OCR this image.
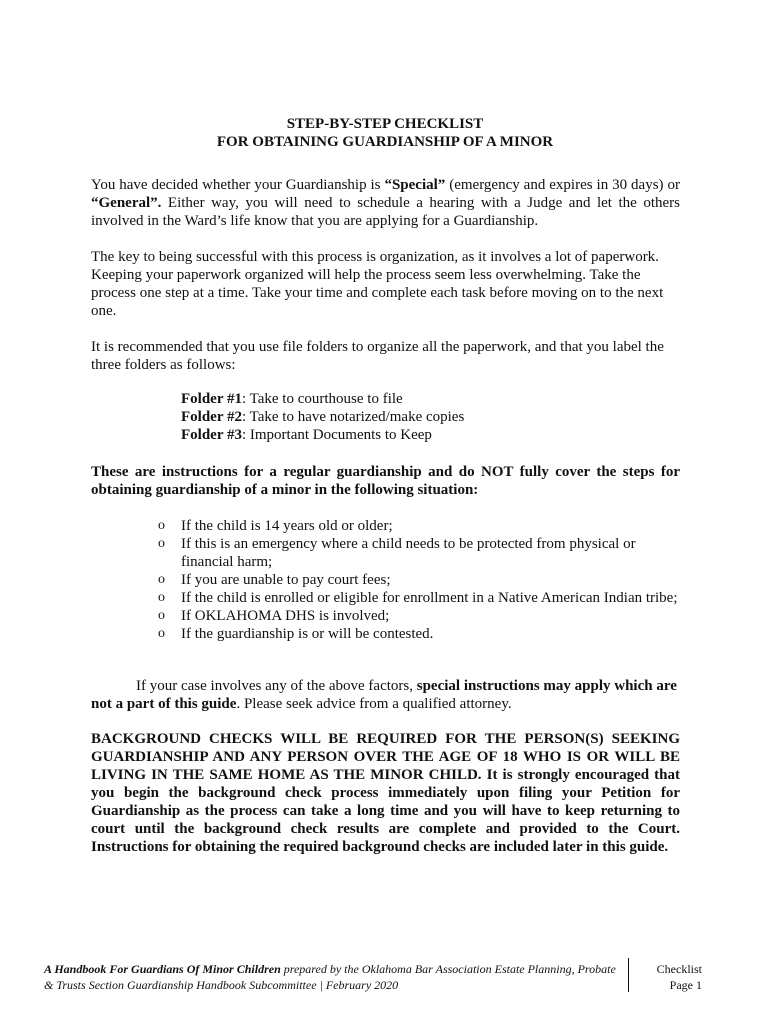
STEP-BY-STEP CHECKLIST
FOR OBTAINING GUARDIANSHIP OF A MINOR

You have decided whether your Guardianship is “Special” (emergency and expires in 30 days) or “General”. Either way, you will need to schedule a hearing with a Judge and let the others involved in the Ward’s life know that you are applying for a Guardianship.

The key to being successful with this process is organization, as it involves a lot of paperwork. Keeping your paperwork organized will help the process seem less overwhelming. Take the process one step at a time. Take your time and complete each task before moving on to the next one.

It is recommended that you use file folders to organize all the paperwork, and that you label the three folders as follows:

Folder #1: Take to courthouse to file
Folder #2: Take to have notarized/make copies
Folder #3: Important Documents to Keep

These are instructions for a regular guardianship and do NOT fully cover the steps for obtaining guardianship of a minor in the following situation:

o If the child is 14 years old or older;
o If this is an emergency where a child needs to be protected from physical or financial harm;
o If you are unable to pay court fees;
o If the child is enrolled or eligible for enrollment in a Native American Indian tribe;
o If OKLAHOMA DHS is involved;
o If the guardianship is or will be contested.

If your case involves any of the above factors, special instructions may apply which are not a part of this guide. Please seek advice from a qualified attorney.

BACKGROUND CHECKS WILL BE REQUIRED FOR THE PERSON(S) SEEKING GUARDIANSHIP AND ANY PERSON OVER THE AGE OF 18 WHO IS OR WILL BE LIVING IN THE SAME HOME AS THE MINOR CHILD. It is strongly encouraged that you begin the background check process immediately upon filing your Petition for Guardianship as the process can take a long time and you will have to keep returning to court until the background check results are complete and provided to the Court. Instructions for obtaining the required background checks are included later in this guide.

A Handbook For Guardians Of Minor Children prepared by the Oklahoma Bar Association Estate Planning, Probate & Trusts Section Guardianship Handbook Subcommittee | February 2020
Checklist
Page 1
